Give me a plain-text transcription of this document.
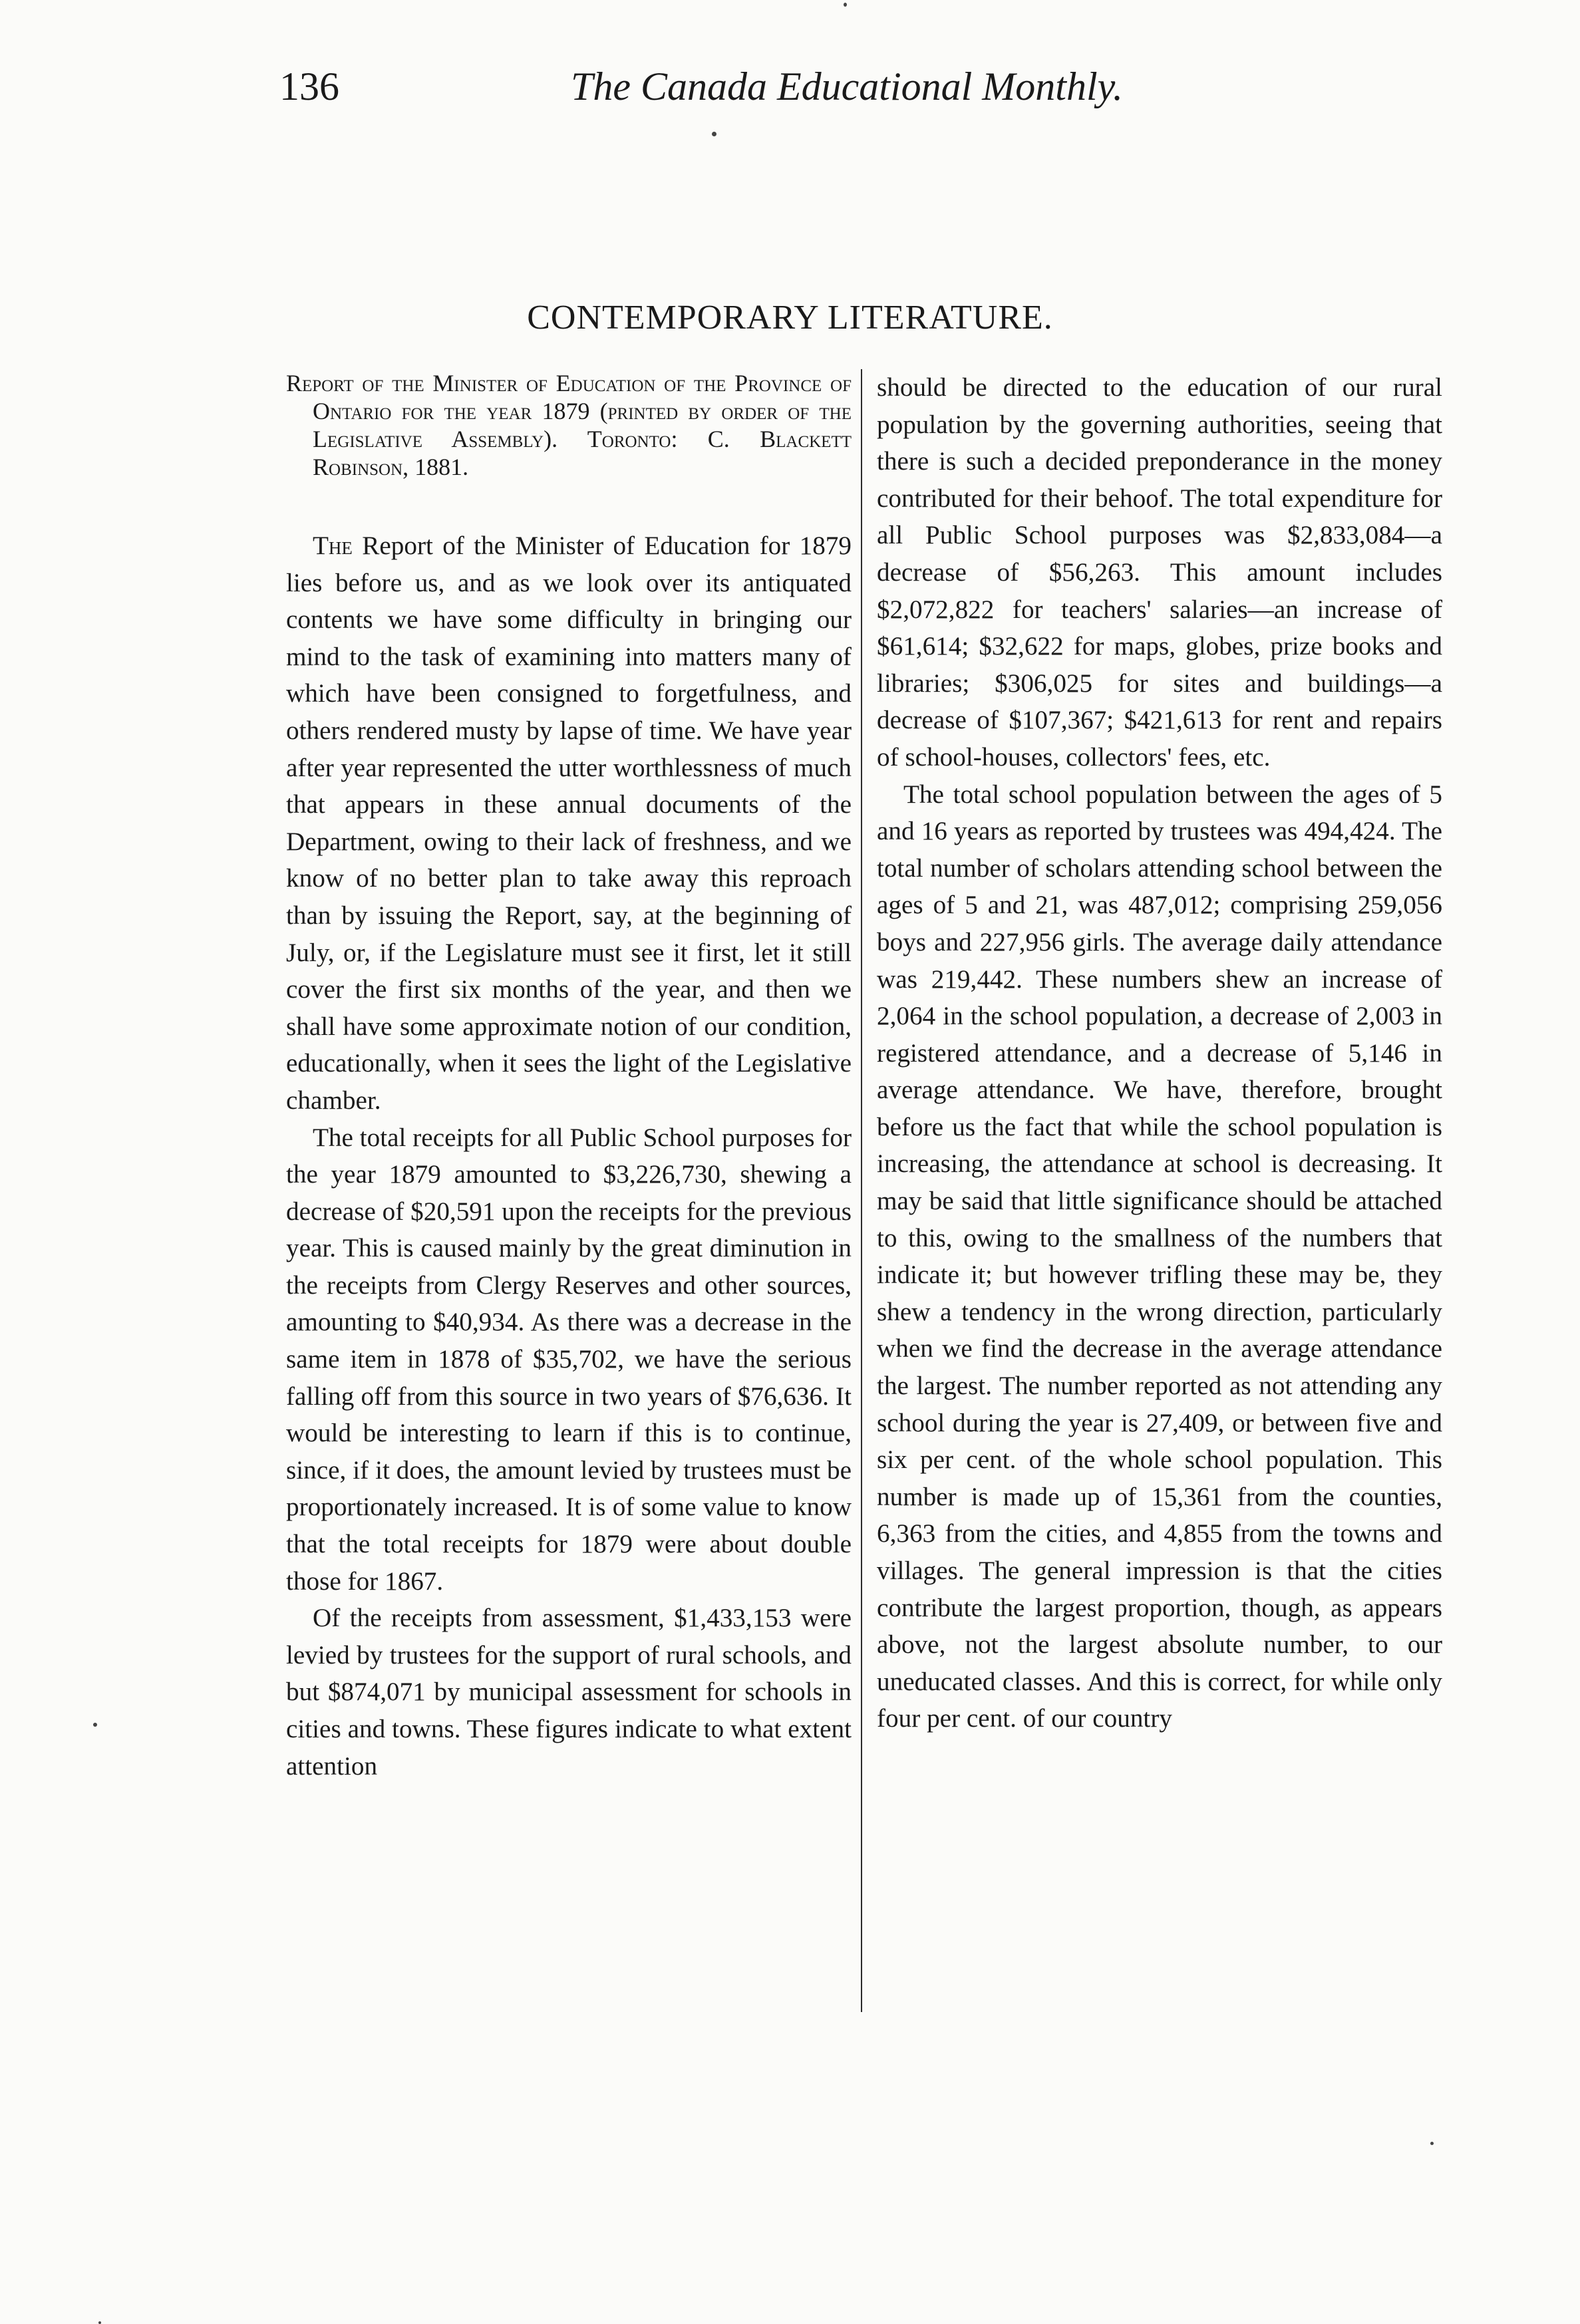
136	The Canada Educational Monthly.
CONTEMPORARY LITERATURE.
Report of the Minister of Education of the Province of Ontario for the year 1879 (printed by order of the Legislative Assembly). Toronto: C. Blackett Robinson, 1881.

The Report of the Minister of Education for 1879 lies before us, and as we look over its antiquated contents we have some difficulty in bringing our mind to the task of examining into matters many of which have been consigned to forgetfulness, and others rendered musty by lapse of time. We have year after year represented the utter worthlessness of much that appears in these annual documents of the Department, owing to their lack of freshness, and we know of no better plan to take away this reproach than by issuing the Report, say, at the beginning of July, or, if the Legislature must see it first, let it still cover the first six months of the year, and then we shall have some approximate notion of our condition, educationally, when it sees the light of the Legislative chamber.

The total receipts for all Public School purposes for the year 1879 amounted to $3,226,730, shewing a decrease of $20,591 upon the receipts for the previous year. This is caused mainly by the great diminution in the receipts from Clergy Reserves and other sources, amounting to $40,934. As there was a decrease in the same item in 1878 of $35,702, we have the serious falling off from this source in two years of $76,636. It would be interesting to learn if this is to continue, since, if it does, the amount levied by trustees must be proportionately increased. It is of some value to know that the total receipts for 1879 were about double those for 1867.

Of the receipts from assessment, $1,433,153 were levied by trustees for the support of rural schools, and but $874,071 by municipal assessment for schools in cities and towns. These figures indicate to what extent attention

should be directed to the education of our rural population by the governing authorities, seeing that there is such a decided preponderance in the money contributed for their behoof. The total expenditure for all Public School purposes was $2,833,084—a decrease of $56,263. This amount includes $2,072,822 for teachers' salaries—an increase of $61,614; $32,622 for maps, globes, prize books and libraries; $306,025 for sites and buildings—a decrease of $107,367; $421,613 for rent and repairs of school-houses, collectors' fees, etc.

The total school population between the ages of 5 and 16 years as reported by trustees was 494,424. The total number of scholars attending school between the ages of 5 and 21, was 487,012; comprising 259,056 boys and 227,956 girls. The average daily attendance was 219,442. These numbers shew an increase of 2,064 in the school population, a decrease of 2,003 in registered attendance, and a decrease of 5,146 in average attendance. We have, therefore, brought before us the fact that while the school population is increasing, the attendance at school is decreasing. It may be said that little significance should be attached to this, owing to the smallness of the numbers that indicate it; but however trifling these may be, they shew a tendency in the wrong direction, particularly when we find the decrease in the average attendance the largest. The number reported as not attending any school during the year is 27,409, or between five and six per cent. of the whole school population. This number is made up of 15,361 from the counties, 6,363 from the cities, and 4,855 from the towns and villages. The general impression is that the cities contribute the largest proportion, though, as appears above, not the largest absolute number, to our uneducated classes. And this is correct, for while only four per cent. of our country
